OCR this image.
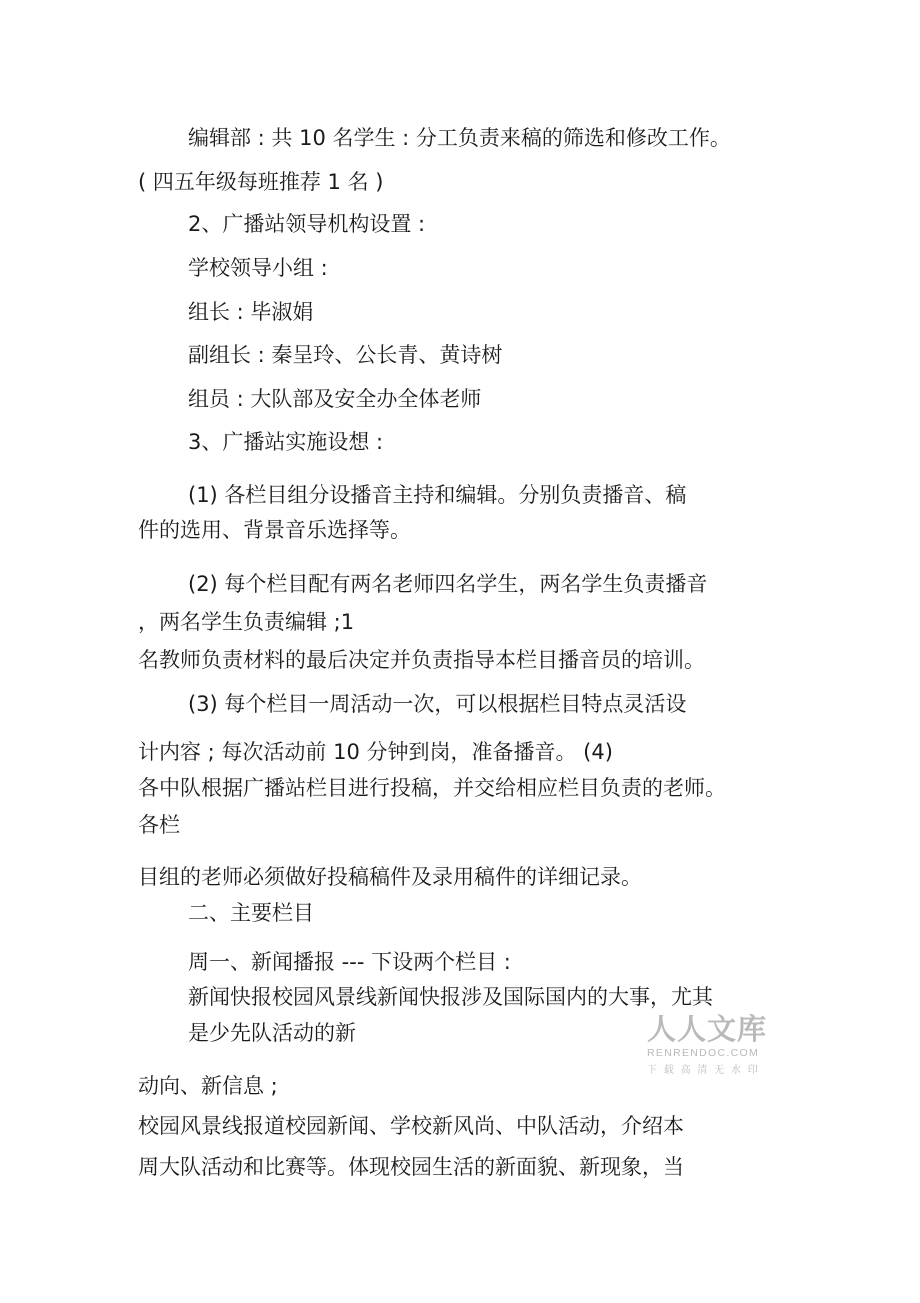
编辑部 : 共 10 名学生 : 分工负责来稿的筛选和修改工作。
( 四五年级每班推荐 1 名 )
2、广播站领导机构设置 :
学校领导小组 :
组长 : 毕淑娟
副组长 : 秦呈玲、公长青、黄诗树
组员 : 大队部及安全办全体老师
3、广播站实施设想 :
(1) 各栏目组分设播音主持和编辑。分别负责播音、稿
件的选用、背景音乐选择等。
(2) 每个栏目配有两名老师四名学生，两名学生负责播音
，两名学生负责编辑 ;1
名教师负责材料的最后决定并负责指导本栏目播音员的培训。
(3) 每个栏目一周活动一次，可以根据栏目特点灵活设
计内容 ; 每次活动前 10 分钟到岗，准备播音。 (4)
各中队根据广播站栏目进行投稿，并交给相应栏目负责的老师。
各栏
目组的老师必须做好投稿稿件及录用稿件的详细记录。
二、主要栏目
周一、新闻播报 --- 下设两个栏目 :
新闻快报校园风景线新闻快报涉及国际国内的大事，尤其
是少先队活动的新
动向、新信息 ;
校园风景线报道校园新闻、学校新风尚、中队活动，介绍本
周大队活动和比赛等。体现校园生活的新面貌、新现象，当
人人文库
RENRENDOC.COM
下载高清无水印
